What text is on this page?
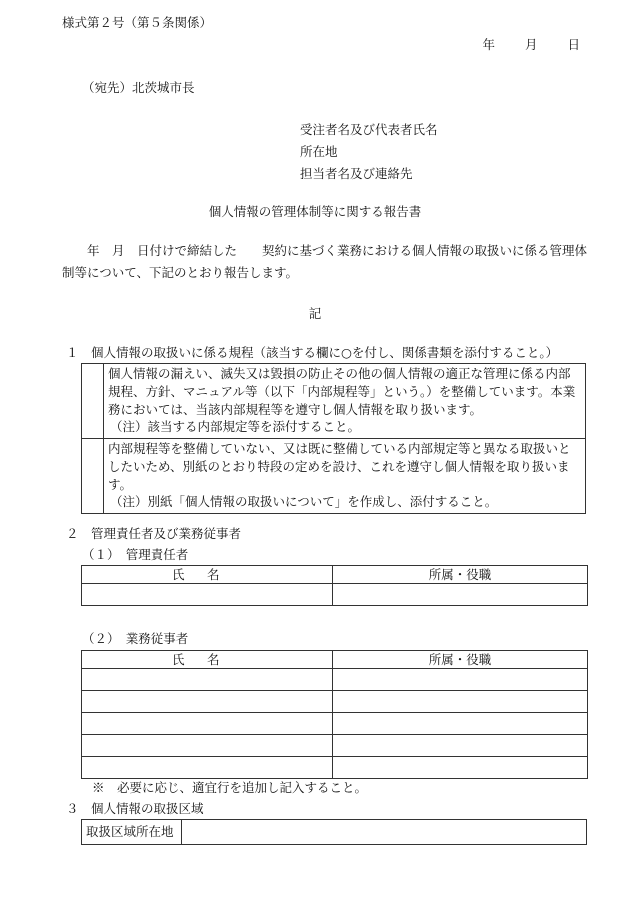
様式第２号（第５条関係）
年 月 日
（宛先）北茨城市長
受注者名及び代表者氏名
所在地
担当者名及び連絡先
個人情報の管理体制等に関する報告書
年　月　日付けで締結した　　契約に基づく業務における個人情報の取扱いに係る管理体制等について、下記のとおり報告します。
記
１　個人情報の取扱いに係る規程（該当する欄に○を付し、関係書類を添付すること。）
	個人情報の漏えい、滅失又は毀損の防止その他の個人情報の適正な管理に係る内部規程、方針、マニュアル等（以下「内部規程等」という。）を整備しています。本業務においては、当該内部規程等を遵守し個人情報を取り扱います。
（注）該当する内部規定等を添付すること。

	内部規程等を整備していない、又は既に整備している内部規定等と異なる取扱いとしたいため、別紙のとおり特段の定めを設け、これを遵守し個人情報を取り扱います。
（注）別紙「個人情報の取扱いについて」を作成し、添付すること。
２　管理責任者及び業務従事者
（１）　管理責任者
氏名	所属・役職

（２）　業務従事者
氏名	所属・役職

※　必要に応じ、適宜行を追加し記入すること。
３　個人情報の取扱区域
取扱区域所在地	
